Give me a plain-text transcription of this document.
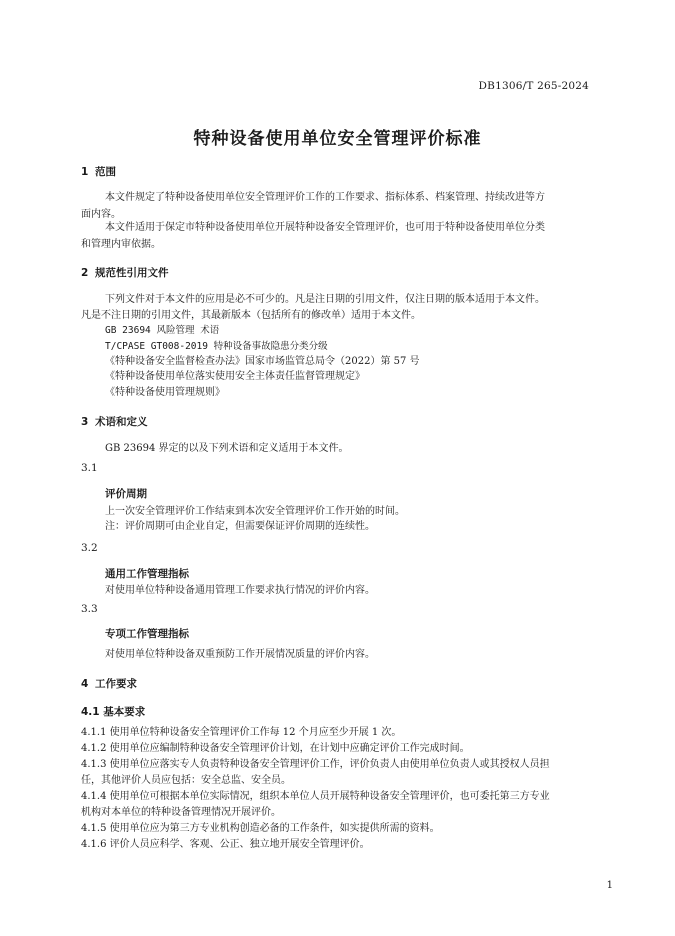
DB1306/T 265-2024
特种设备使用单位安全管理评价标准
1 范围
本文件规定了特种设备使用单位安全管理评价工作的工作要求、指标体系、档案管理、持续改进等方
面内容。
本文件适用于保定市特种设备使用单位开展特种设备安全管理评价，也可用于特种设备使用单位分类
和管理内审依据。
2 规范性引用文件
下列文件对于本文件的应用是必不可少的。凡是注日期的引用文件，仅注日期的版本适用于本文件。
凡是不注日期的引用文件，其最新版本（包括所有的修改单）适用于本文件。
GB 23694 风险管理 术语
T/CPASE GT008-2019 特种设备事故隐患分类分级
《特种设备安全监督检查办法》国家市场监管总局令（2022）第 57 号
《特种设备使用单位落实使用安全主体责任监督管理规定》
《特种设备使用管理规则》
3 术语和定义
GB 23694 界定的以及下列术语和定义适用于本文件。
3.1
评价周期
上一次安全管理评价工作结束到本次安全管理评价工作开始的时间。
注：评价周期可由企业自定，但需要保证评价周期的连续性。
3.2
通用工作管理指标
对使用单位特种设备通用管理工作要求执行情况的评价内容。
3.3
专项工作管理指标
对使用单位特种设备双重预防工作开展情况质量的评价内容。
4 工作要求
4.1 基本要求
4.1.1 使用单位特种设备安全管理评价工作每 12 个月应至少开展 1 次。
4.1.2 使用单位应编制特种设备安全管理评价计划，在计划中应确定评价工作完成时间。
4.1.3 使用单位应落实专人负责特种设备安全管理评价工作，评价负责人由使用单位负责人或其授权人员担
任，其他评价人员应包括：安全总监、安全员。
4.1.4 使用单位可根据本单位实际情况，组织本单位人员开展特种设备安全管理评价，也可委托第三方专业
机构对本单位的特种设备管理情况开展评价。
4.1.5 使用单位应为第三方专业机构创造必备的工作条件，如实提供所需的资料。
4.1.6 评价人员应科学、客观、公正、独立地开展安全管理评价。
1
